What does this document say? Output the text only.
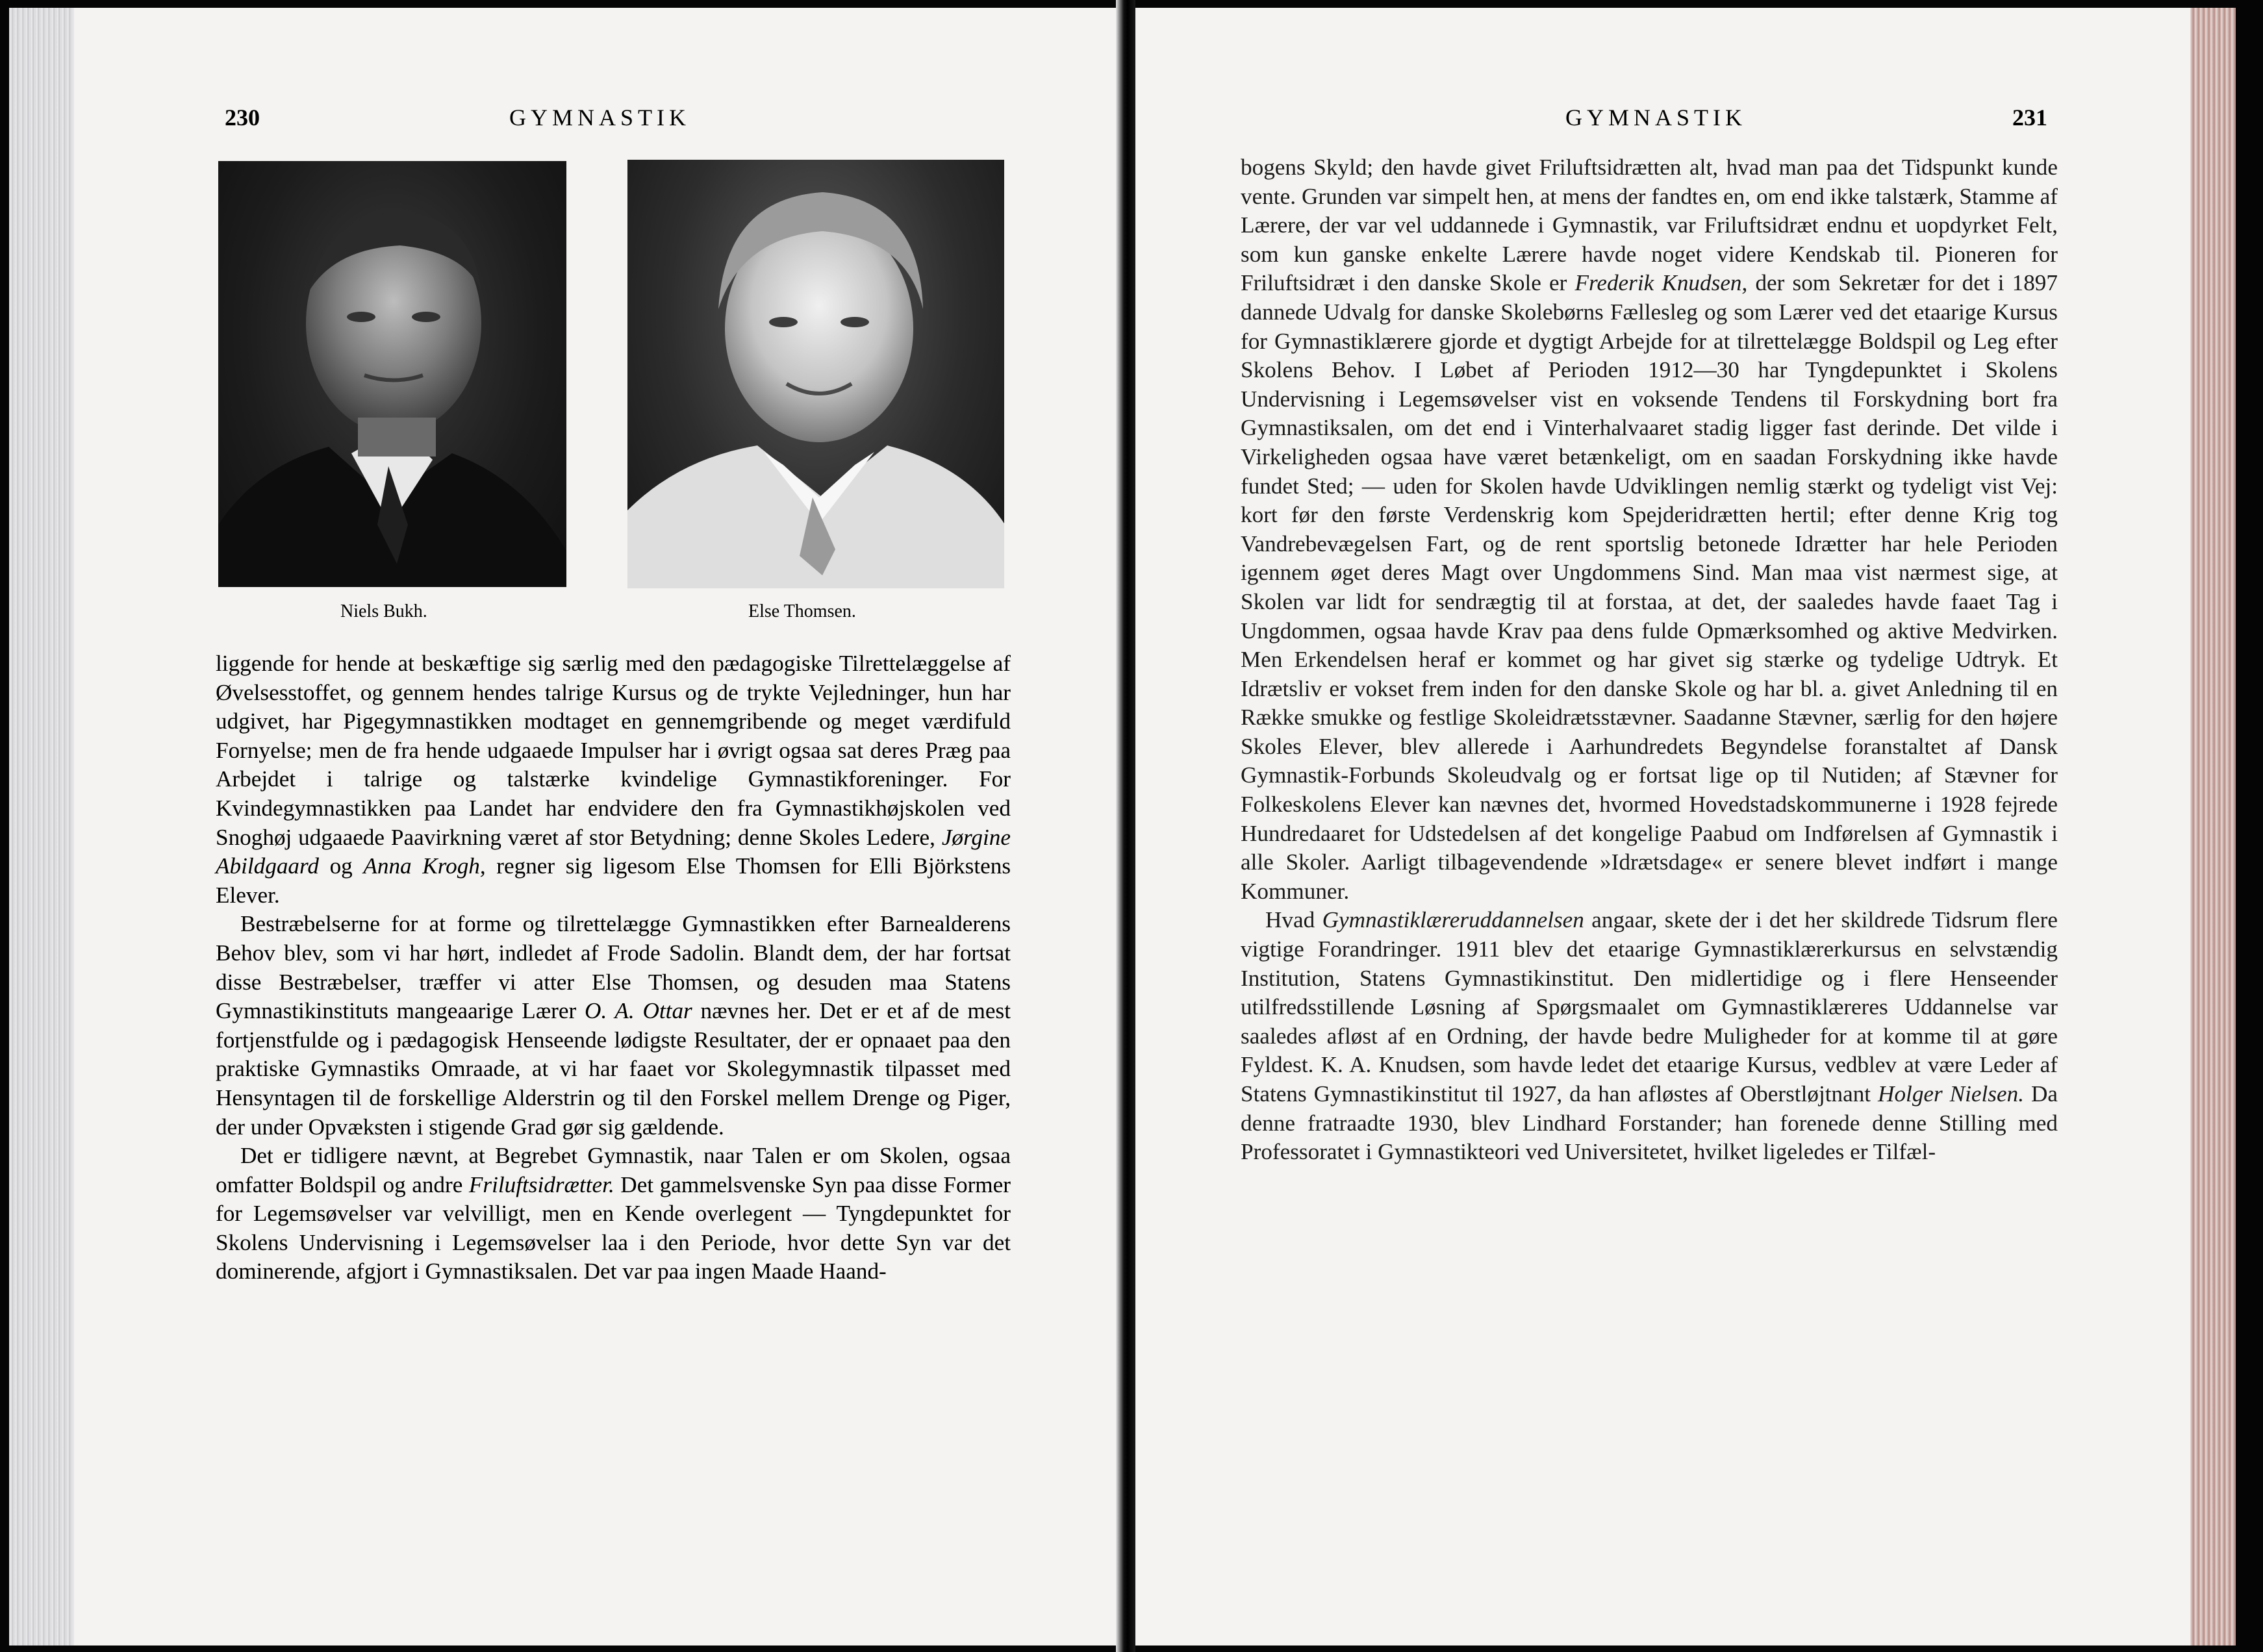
230	GYMNASTIK
Niels Bukh.	Else Thomsen.

liggende for hende at beskæftige sig særlig med den pædagogiske Tilrettelæggelse af Øvelsesstoffet, og gennem hendes talrige Kursus og de trykte Vejledninger, hun har udgivet, har Pigegymnastikken modtaget en gennemgribende og meget værdifuld Fornyelse; men de fra hende udgaaede Impulser har i øvrigt ogsaa sat deres Præg paa Arbejdet i talrige og talstærke kvindelige Gymnastikforeninger. For Kvindegymnastikken paa Landet har endvidere den fra Gymnastikhøjskolen ved Snoghøj udgaaede Paavirkning været af stor Betydning; denne Skoles Ledere, Jørgine Abildgaard og Anna Krogh, regner sig ligesom Else Thomsen for Elli Björkstens Elever.

Bestræbelserne for at forme og tilrettelægge Gymnastikken efter Barnealderens Behov blev, som vi har hørt, indledet af Frode Sadolin. Blandt dem, der har fortsat disse Bestræbelser, træffer vi atter Else Thomsen, og desuden maa Statens Gymnastikinstituts mangeaarige Lærer O. A. Ottar nævnes her. Det er et af de mest fortjenstfulde og i pædagogisk Henseende lødigste Resultater, der er opnaaet paa den praktiske Gymnastiks Omraade, at vi har faaet vor Skolegymnastik tilpasset med Hensyntagen til de forskellige Alderstrin og til den Forskel mellem Drenge og Piger, der under Opvæksten i stigende Grad gør sig gældende.

Det er tidligere nævnt, at Begrebet Gymnastik, naar Talen er om Skolen, ogsaa omfatter Boldspil og andre Friluftsidrætter. Det gammelsvenske Syn paa disse Former for Legemsøvelser var velvilligt, men en Kende overlegent — Tyngdepunktet for Skolens Undervisning i Legemsøvelser laa i den Periode, hvor dette Syn var det dominerende, afgjort i Gymnastiksalen. Det var paa ingen Maade Haand-

GYMNASTIK	231

bogens Skyld; den havde givet Friluftsidrætten alt, hvad man paa det Tidspunkt kunde vente. Grunden var simpelt hen, at mens der fandtes en, om end ikke talstærk, Stamme af Lærere, der var vel uddannede i Gymnastik, var Friluftsidræt endnu et uopdyrket Felt, som kun ganske enkelte Lærere havde noget videre Kendskab til. Pioneren for Friluftsidræt i den danske Skole er Frederik Knudsen, der som Sekretær for det i 1897 dannede Udvalg for danske Skolebørns Fællesleg og som Lærer ved det etaarige Kursus for Gymnastiklærere gjorde et dygtigt Arbejde for at tilrettelægge Boldspil og Leg efter Skolens Behov. I Løbet af Perioden 1912—30 har Tyngdepunktet i Skolens Undervisning i Legemsøvelser vist en voksende Tendens til Forskydning bort fra Gymnastiksalen, om det end i Vinterhalvaaret stadig ligger fast derinde. Det vilde i Virkeligheden ogsaa have været betænkeligt, om en saadan Forskydning ikke havde fundet Sted; — uden for Skolen havde Udviklingen nemlig stærkt og tydeligt vist Vej: kort før den første Verdenskrig kom Spejderidrætten hertil; efter denne Krig tog Vandrebevægelsen Fart, og de rent sportslig betonede Idrætter har hele Perioden igennem øget deres Magt over Ungdommens Sind. Man maa vist nærmest sige, at Skolen var lidt for sendrægtig til at forstaa, at det, der saaledes havde faaet Tag i Ungdommen, ogsaa havde Krav paa dens fulde Opmærksomhed og aktive Medvirken. Men Erkendelsen heraf er kommet og har givet sig stærke og tydelige Udtryk. Et Idrætsliv er vokset frem inden for den danske Skole og har bl. a. givet Anledning til en Række smukke og festlige Skoleidrætsstævner. Saadanne Stævner, særlig for den højere Skoles Elever, blev allerede i Aarhundredets Begyndelse foranstaltet af Dansk Gymnastik-Forbunds Skoleudvalg og er fortsat lige op til Nutiden; af Stævner for Folkeskolens Elever kan nævnes det, hvormed Hovedstadskommunerne i 1928 fejrede Hundredaaret for Udstedelsen af det kongelige Paabud om Indførelsen af Gymnastik i alle Skoler. Aarligt tilbagevendende »Idrætsdage« er senere blevet indført i mange Kommuner.

Hvad Gymnastiklæreruddannelsen angaar, skete der i det her skildrede Tidsrum flere vigtige Forandringer. 1911 blev det etaarige Gymnastiklærerkursus en selvstændig Institution, Statens Gymnastikinstitut. Den midlertidige og i flere Henseender utilfredsstillende Løsning af Spørgsmaalet om Gymnastiklæreres Uddannelse var saaledes afløst af en Ordning, der havde bedre Muligheder for at komme til at gøre Fyldest. K. A. Knudsen, som havde ledet det etaarige Kursus, vedblev at være Leder af Statens Gymnastikinstitut til 1927, da han afløstes af Oberstløjtnant Holger Nielsen. Da denne fratraadte 1930, blev Lindhard Forstander; han forenede denne Stilling med Professoratet i Gymnastikteori ved Universitetet, hvilket ligeledes er Tilfæl-
